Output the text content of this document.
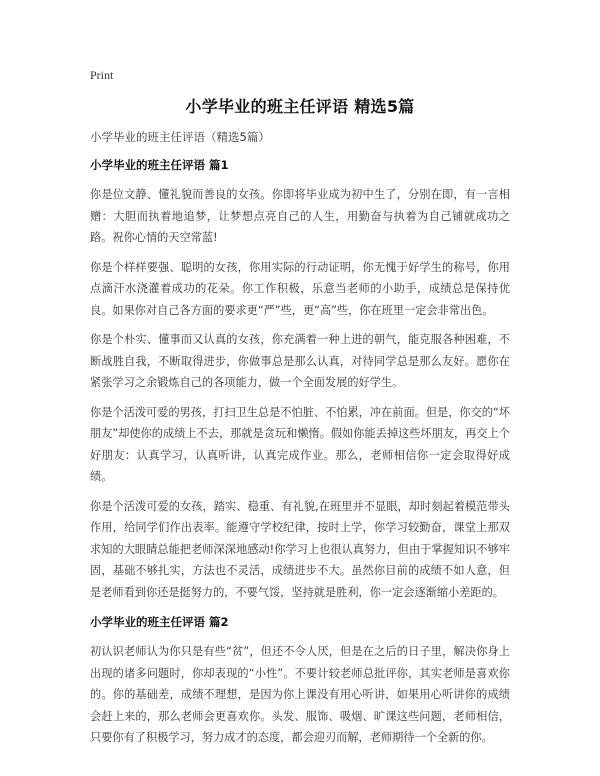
Print

小学毕业的班主任评语 精选5篇

小学毕业的班主任评语（精选5篇）

小学毕业的班主任评语 篇1

你是位文静、懂礼貌而善良的女孩。你即将毕业成为初中生了，分别在即，有一言相赠：大胆而执着地追梦，让梦想点亮自己的人生，用勤奋与执着为自己铺就成功之路。祝你心情的天空常蓝!

你是个样样要强、聪明的女孩，你用实际的行动证明，你无愧于好学生的称号，你用点滴汗水浇灌着成功的花朵。你工作积极，乐意当老师的小助手，成绩总是保持优良。如果你对自己各方面的要求更“严”些，更“高”些，你在班里一定会非常出色。

你是个朴实、懂事而又认真的女孩，你充满着一种上进的朝气，能克服各种困难，不断战胜自我，不断取得进步，你做事总是那么认真，对待同学总是那么友好。愿你在紧张学习之余锻炼自己的各项能力，做一个全面发展的好学生。

你是个活泼可爱的男孩，打扫卫生总是不怕脏、不怕累，冲在前面。但是，你交的“坏朋友”却使你的成绩上不去，那就是贪玩和懒惰。假如你能丢掉这些坏朋友，再交上个好朋友：认真学习，认真听讲，认真完成作业。那么，老师相信你一定会取得好成绩。

你是个活泼可爱的女孩，踏实、稳重、有礼貌,在班里并不显眼，却时刻起着模范带头作用，给同学们作出表率。能遵守学校纪律，按时上学，你学习较勤奋，课堂上那双求知的大眼睛总能把老师深深地感动!你学习上也很认真努力，但由于掌握知识不够牢固，基础不够扎实，方法也不灵活，成绩进步不大。虽然你目前的成绩不如人意，但是老师看到你还是挺努力的，不要气馁，坚持就是胜利，你一定会逐渐缩小差距的。

小学毕业的班主任评语 篇2

初认识老师认为你只是有些“贫”，但还不令人厌，但是在之后的日子里，解决你身上出现的诸多问题时，你却表现的“小性”。不要计较老师总批评你，其实老师是喜欢你的。你的基础差，成绩不理想，是因为你上课没有用心听讲，如果用心听讲你的成绩会赶上来的，那么老师会更喜欢你。头发、服饰、吸烟、旷课这些问题，老师相信，只要你有了积极学习，努力成才的态度，都会迎刃而解，老师期待一个全新的你。
